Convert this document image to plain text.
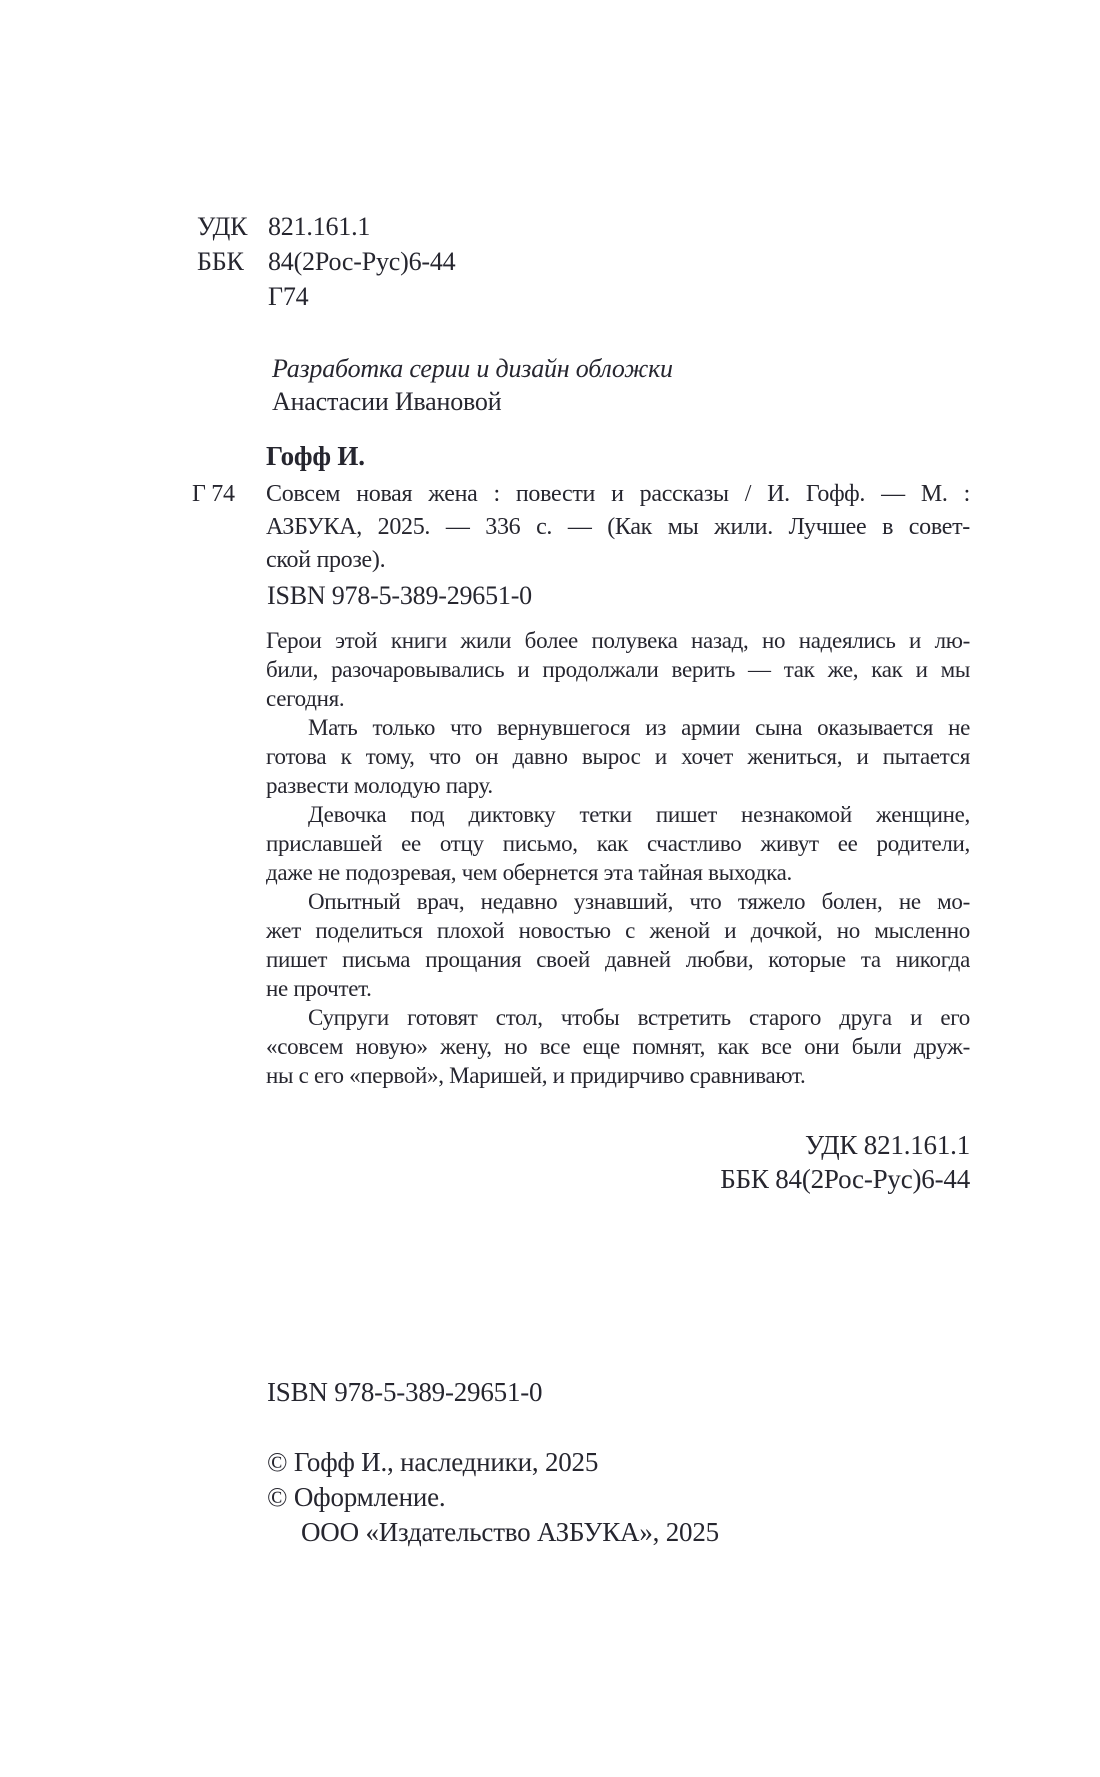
УДК 821.161.1
ББК 84(2Рос-Рус)6-44
Г74
Разработка серии и дизайн обложки
Анастасии Ивановой
Гофф И.
Г 74 Совсем новая жена : повести и рассказы / И. Гофф. — М. :
АЗБУКА, 2025. — 336 с. — (Как мы жили. Лучшее в совет-
ской прозе).
ISBN 978-5-389-29651-0
Герои этой книги жили более полувека назад, но надеялись и лю-
били, разочаровывались и продолжали верить — так же, как и мы
сегодня.
Мать только что вернувшегося из армии сына оказывается не
готова к тому, что он давно вырос и хочет жениться, и пытается
развести молодую пару.
Девочка под диктовку тетки пишет незнакомой женщине,
приславшей ее отцу письмо, как счастливо живут ее родители,
даже не подозревая, чем обернется эта тайная выходка.
Опытный врач, недавно узнавший, что тяжело болен, не мо-
жет поделиться плохой новостью с женой и дочкой, но мысленно
пишет письма прощания своей давней любви, которые та никогда
не прочтет.
Супруги готовят стол, чтобы встретить старого друга и его
«совсем новую» жену, но все еще помнят, как все они были друж-
ны с его «первой», Маришей, и придирчиво сравнивают.
УДК 821.161.1
ББК 84(2Рос-Рус)6-44
ISBN 978-5-389-29651-0
© Гофф И., наследники, 2025
© Оформление.
ООО «Издательство АЗБУКА», 2025
